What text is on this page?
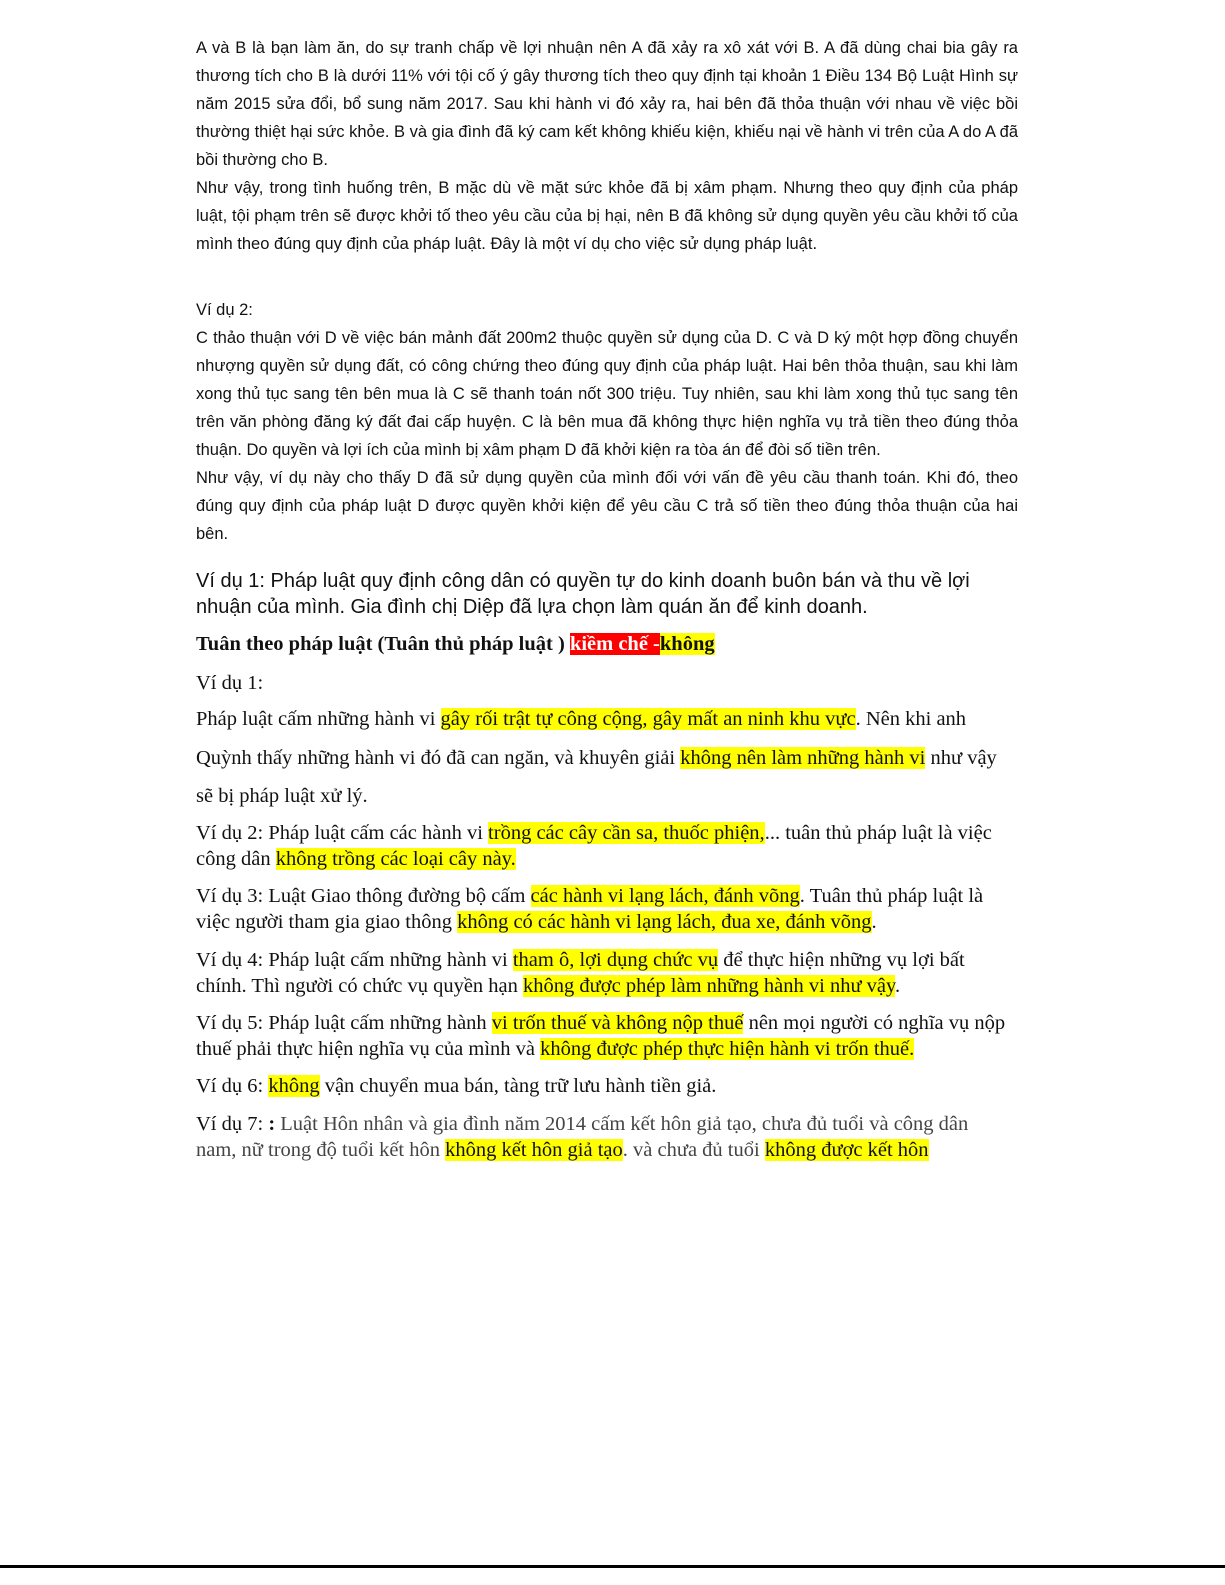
A và B là bạn làm ăn, do sự tranh chấp về lợi nhuận nên A đã xảy ra xô xát với B. A đã dùng chai bia gây ra thương tích cho B là dưới 11% với tội cố ý gây thương tích theo quy định tại khoản 1 Điều 134 Bộ Luật Hình sự năm 2015 sửa đổi, bổ sung năm 2017. Sau khi hành vi đó xảy ra, hai bên đã thỏa thuận với nhau về việc bồi thường thiệt hại sức khỏe. B và gia đình đã ký cam kết không khiếu kiện, khiếu nại về hành vi trên của A do A đã bồi thường cho B.

Như vậy, trong tình huống trên, B mặc dù về mặt sức khỏe đã bị xâm phạm. Nhưng theo quy định của pháp luật, tội phạm trên sẽ được khởi tố theo yêu cầu của bị hại, nên B đã không sử dụng quyền yêu cầu khởi tố của mình theo đúng quy định của pháp luật. Đây là một ví dụ cho việc sử dụng pháp luật.

Ví dụ 2:

C thảo thuận với D về việc bán mảnh đất 200m2 thuộc quyền sử dụng của D. C và D ký một hợp đồng chuyển nhượng quyền sử dụng đất, có công chứng theo đúng quy định của pháp luật. Hai bên thỏa thuận, sau khi làm xong thủ tục sang tên bên mua là C sẽ thanh toán nốt 300 triệu. Tuy nhiên, sau khi làm xong thủ tục sang tên trên văn phòng đăng ký đất đai cấp huyện. C là bên mua đã không thực hiện nghĩa vụ trả tiền theo đúng thỏa thuận. Do quyền và lợi ích của mình bị xâm phạm D đã khởi kiện ra tòa án để đòi số tiền trên.

Như vậy, ví dụ này cho thấy D đã sử dụng quyền của mình đối với vấn đề yêu cầu thanh toán. Khi đó, theo đúng quy định của pháp luật D được quyền khởi kiện để yêu cầu C trả số tiền theo đúng thỏa thuận của hai bên.

Ví dụ 1: Pháp luật quy định công dân có quyền tự do kinh doanh buôn bán và thu về lợi nhuận của mình. Gia đình chị Diệp đã lựa chọn làm quán ăn để kinh doanh.
Tuân theo pháp luật (Tuân thủ pháp luật ) kiềm chế -không
Ví dụ 1:
Pháp luật cấm những hành vi gây rối trật tự công cộng, gây mất an ninh khu vực. Nên khi anh
Quỳnh thấy những hành vi đó đã can ngăn, và khuyên giải không nên làm những hành vi như vậy
sẽ bị pháp luật xử lý.
Ví dụ 2: Pháp luật cấm các hành vi trồng các cây cần sa, thuốc phiện,... tuân thủ pháp luật là việc
công dân không trồng các loại cây này.
Ví dụ 3: Luật Giao thông đường bộ cấm các hành vi lạng lách, đánh võng. Tuân thủ pháp luật là
việc người tham gia giao thông không có các hành vi lạng lách, đua xe, đánh võng.
Ví dụ 4: Pháp luật cấm những hành vi tham ô, lợi dụng chức vụ để thực hiện những vụ lợi bất
chính. Thì người có chức vụ quyền hạn không được phép làm những hành vi như vậy.
Ví dụ 5: Pháp luật cấm những hành vi trốn thuế và không nộp thuế nên mọi người có nghĩa vụ nộp
thuế phải thực hiện nghĩa vụ của mình và không được phép thực hiện hành vi trốn thuế.
Ví dụ 6: không vận chuyển mua bán, tàng trữ lưu hành tiền giả.
Ví dụ 7: : Luật Hôn nhân và gia đình năm 2014 cấm kết hôn giả tạo, chưa đủ tuổi và công dân
nam, nữ trong độ tuổi kết hôn không kết hôn giả tạo. và chưa đủ tuổi không được kết hôn
